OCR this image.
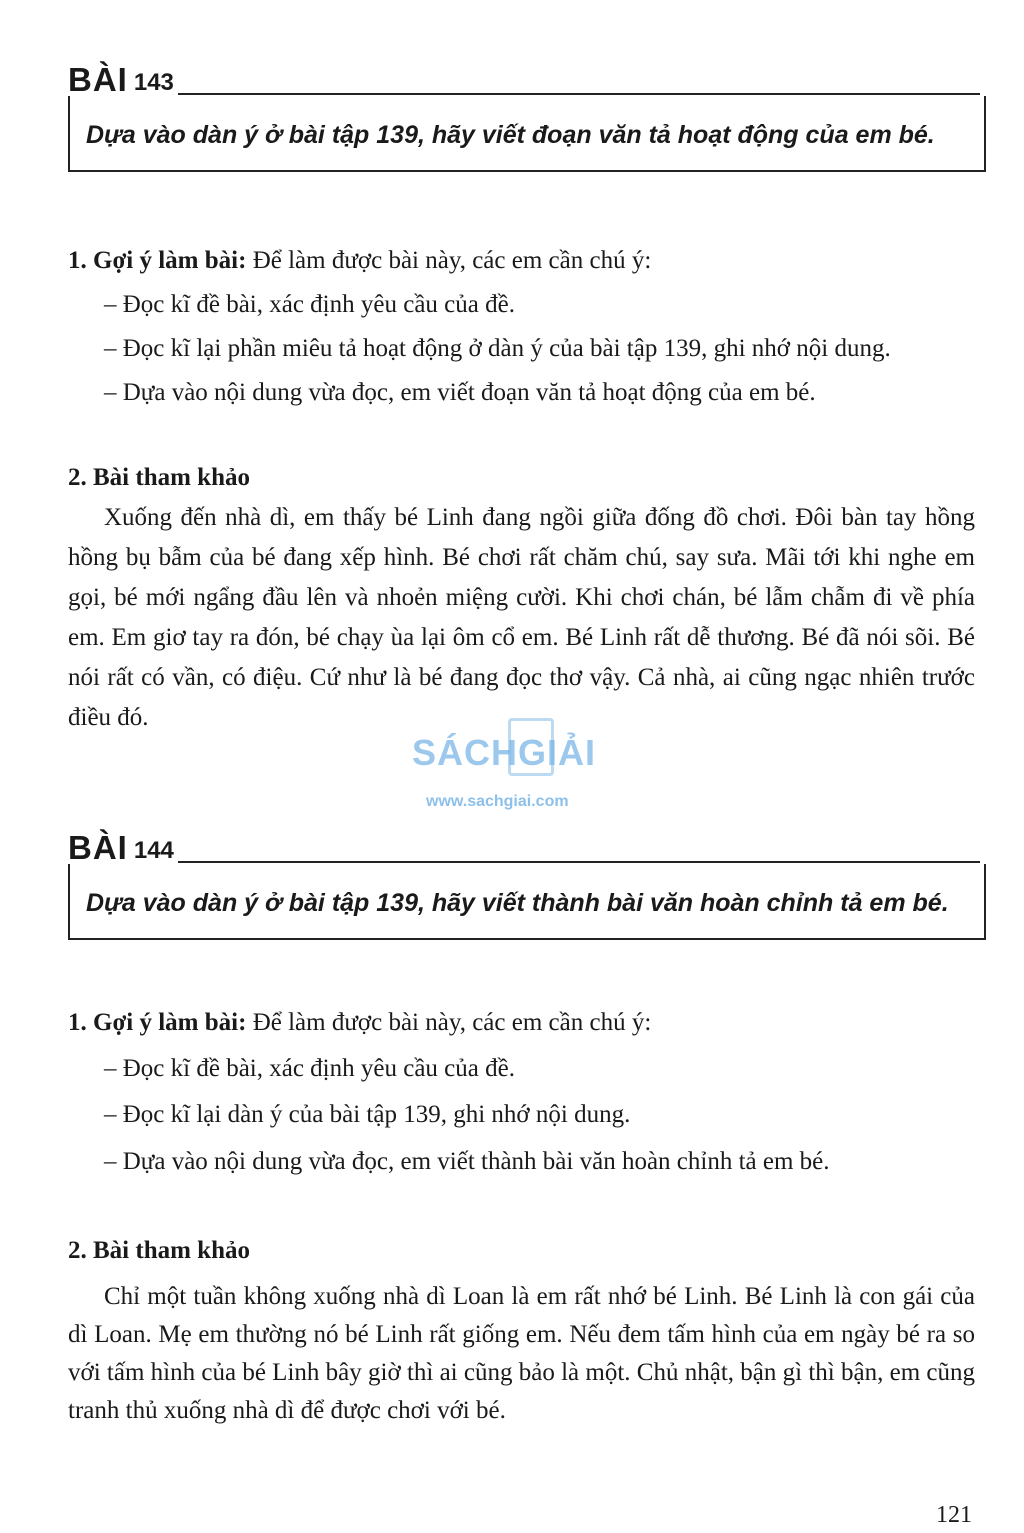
BÀI 143
Dựa vào dàn ý ở bài tập 139, hãy viết đoạn văn tả hoạt động của em bé.

1. Gợi ý làm bài: Để làm được bài này, các em cần chú ý:

– Đọc kĩ đề bài, xác định yêu cầu của đề.

– Đọc kĩ lại phần miêu tả hoạt động ở dàn ý của bài tập 139, ghi nhớ nội dung.

– Dựa vào nội dung vừa đọc, em viết đoạn văn tả hoạt động của em bé.

2. Bài tham khảo

Xuống đến nhà dì, em thấy bé Linh đang ngồi giữa đống đồ chơi. Đôi bàn tay hồng hồng bụ bẫm của bé đang xếp hình. Bé chơi rất chăm chú, say sưa. Mãi tới khi nghe em gọi, bé mới ngẩng đầu lên và nhoẻn miệng cười. Khi chơi chán, bé lẫm chẫm đi về phía em. Em giơ tay ra đón, bé chạy ùa lại ôm cổ em. Bé Linh rất dễ thương. Bé đã nói sõi. Bé nói rất có vần, có điệu. Cứ như là bé đang đọc thơ vậy. Cả nhà, ai cũng ngạc nhiên trước điều đó.

SÁCHGIẢI
www.sachgiai.com
BÀI 144
Dựa vào dàn ý ở bài tập 139, hãy viết thành bài văn hoàn chỉnh tả em bé.

1. Gợi ý làm bài: Để làm được bài này, các em cần chú ý:

– Đọc kĩ đề bài, xác định yêu cầu của đề.

– Đọc kĩ lại dàn ý của bài tập 139, ghi nhớ nội dung.

– Dựa vào nội dung vừa đọc, em viết thành bài văn hoàn chỉnh tả em bé.

2. Bài tham khảo

Chỉ một tuần không xuống nhà dì Loan là em rất nhớ bé Linh. Bé Linh là con gái của dì Loan. Mẹ em thường nó bé Linh rất giống em. Nếu đem tấm hình của em ngày bé ra so với tấm hình của bé Linh bây giờ thì ai cũng bảo là một. Chủ nhật, bận gì thì bận, em cũng tranh thủ xuống nhà dì để được chơi với bé.

121
